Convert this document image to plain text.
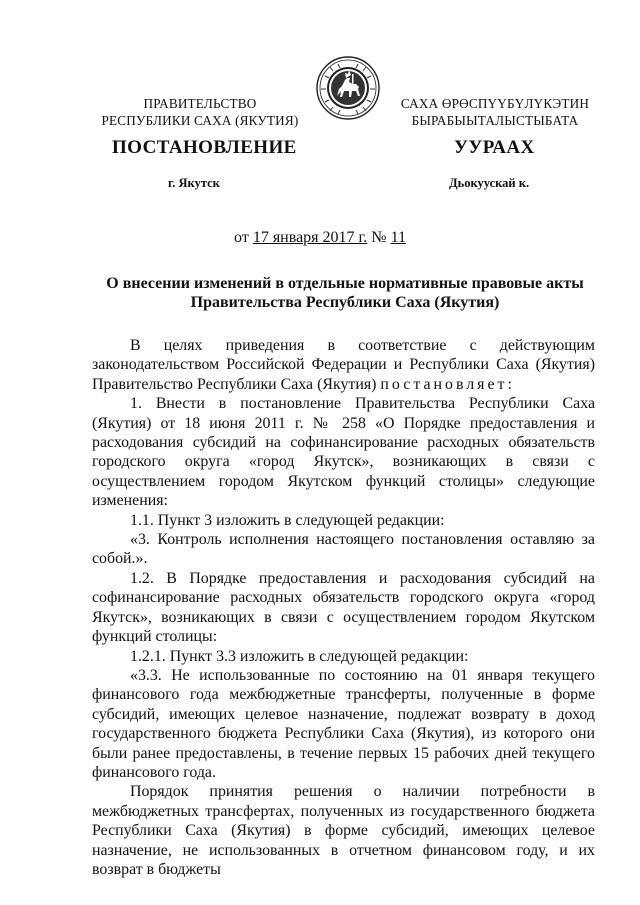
ПРАВИТЕЛЬСТВО
РЕСПУБЛИКИ САХА (ЯКУТИЯ)
САХА ӨРӨСПҮҮБҮЛҮКЭТИН
БЫРАБЫЫТАЛЫСТЫБАТА
ПОСТАНОВЛЕНИЕ	УУРААХ
г. Якутск	Дьокуускай к.
от 17 января 2017 г. № 11
О внесении изменений в отдельные нормативные правовые акты
Правительства Республики Саха (Якутия)

В целях приведения в соответствие с действующим законодательством Российской Федерации и Республики Саха (Якутия) Правительство Республики Саха (Якутия) постановляет:

1. Внести в постановление Правительства Республики Саха (Якутия) от 18 июня 2011 г. № 258 «О Порядке предоставления и расходования субсидий на софинансирование расходных обязательств городского округа «город Якутск», возникающих в связи с осуществлением городом Якутском функций столицы» следующие изменения:

1.1. Пункт 3 изложить в следующей редакции:

«3. Контроль исполнения настоящего постановления оставляю за собой.».

1.2. В Порядке предоставления и расходования субсидий на софинансирование расходных обязательств городского округа «город Якутск», возникающих в связи с осуществлением городом Якутском функций столицы:

1.2.1. Пункт 3.3 изложить в следующей редакции:

«3.3. Не использованные по состоянию на 01 января текущего финансового года межбюджетные трансферты, полученные в форме субсидий, имеющих целевое назначение, подлежат возврату в доход государственного бюджета Республики Саха (Якутия), из которого они были ранее предоставлены, в течение первых 15 рабочих дней текущего финансового года.

Порядок принятия решения о наличии потребности в межбюджетных трансфертах, полученных из государственного бюджета Республики Саха (Якутия) в форме субсидий, имеющих целевое назначение, не использованных в отчетном финансовом году, и их возврат в бюджеты
